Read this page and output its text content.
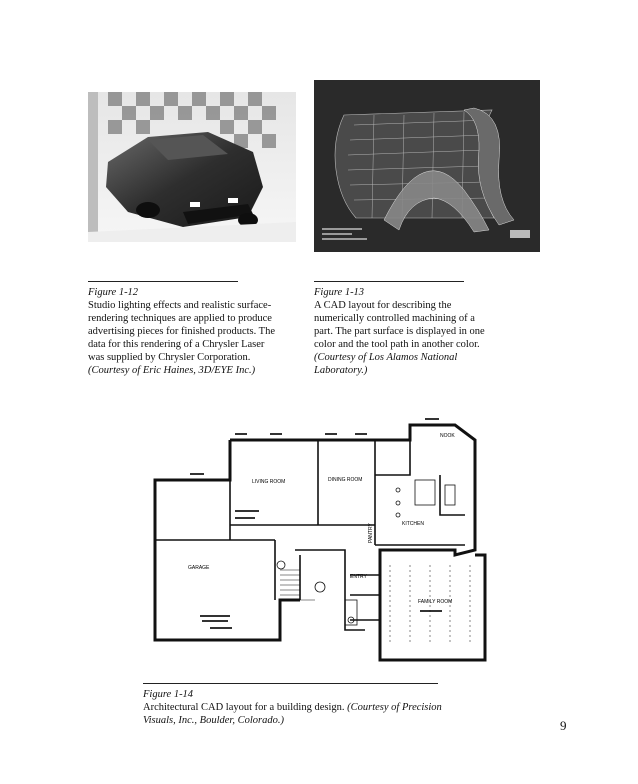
Figure 1-12
Studio lighting effects and realistic surface-rendering techniques are applied to produce advertising pieces for finished products. The data for this rendering of a Chrysler Laser was supplied by Chrysler Corporation. (Courtesy of Eric Haines, 3D/EYE Inc.)
Figure 1-13
A CAD layout for describing the numerically controlled machining of a part. The part surface is displayed in one color and the tool path in another color. (Courtesy of Los Alamos National Laboratory.)
NOOK
LIVING ROOM	DINING ROOM
KITCHEN
PANTRY
GARAGE
ENTRY
FAMILY ROOM
Figure 1-14
Architectural CAD layout for a building design. (Courtesy of Precision Visuals, Inc., Boulder, Colorado.)	9
